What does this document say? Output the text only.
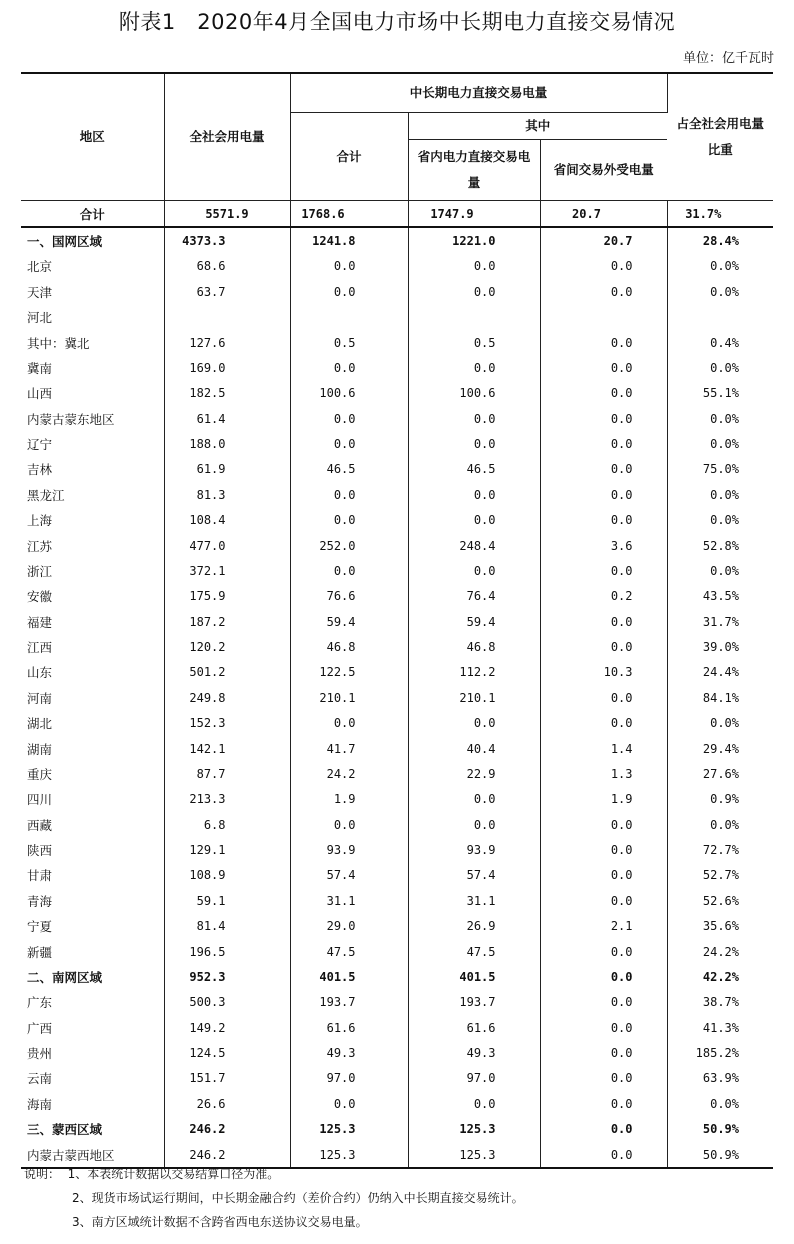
附表1　2020年4月全国电力市场中长期电力直接交易情况
单位：亿千瓦时
地区	全社会用电量	中长期电力直接交易电量			占全社会用电量比重
		合计	其中		
			省内电力直接交易电量	省间交易外受电量	
合计	5571.9	1768.6	1747.9	20.7	31.7%
一、国网区域	4373.3	1241.8	1221.0	20.7	28.4%
北京	68.6	0.0	0.0	0.0	0.0%
天津	63.7	0.0	0.0	0.0	0.0%
河北					
其中：冀北	127.6	0.5	0.5	0.0	0.4%
冀南	169.0	0.0	0.0	0.0	0.0%
山西	182.5	100.6	100.6	0.0	55.1%
内蒙古蒙东地区	61.4	0.0	0.0	0.0	0.0%
辽宁	188.0	0.0	0.0	0.0	0.0%
吉林	61.9	46.5	46.5	0.0	75.0%
黑龙江	81.3	0.0	0.0	0.0	0.0%
上海	108.4	0.0	0.0	0.0	0.0%
江苏	477.0	252.0	248.4	3.6	52.8%
浙江	372.1	0.0	0.0	0.0	0.0%
安徽	175.9	76.6	76.4	0.2	43.5%
福建	187.2	59.4	59.4	0.0	31.7%
江西	120.2	46.8	46.8	0.0	39.0%
山东	501.2	122.5	112.2	10.3	24.4%
河南	249.8	210.1	210.1	0.0	84.1%
湖北	152.3	0.0	0.0	0.0	0.0%
湖南	142.1	41.7	40.4	1.4	29.4%
重庆	87.7	24.2	22.9	1.3	27.6%
四川	213.3	1.9	0.0	1.9	0.9%
西藏	6.8	0.0	0.0	0.0	0.0%
陕西	129.1	93.9	93.9	0.0	72.7%
甘肃	108.9	57.4	57.4	0.0	52.7%
青海	59.1	31.1	31.1	0.0	52.6%
宁夏	81.4	29.0	26.9	2.1	35.6%
新疆	196.5	47.5	47.5	0.0	24.2%
二、南网区域	952.3	401.5	401.5	0.0	42.2%
广东	500.3	193.7	193.7	0.0	38.7%
广西	149.2	61.6	61.6	0.0	41.3%
贵州	124.5	49.3	49.3	0.0	185.2%
云南	151.7	97.0	97.0	0.0	63.9%
海南	26.6	0.0	0.0	0.0	0.0%
三、蒙西区域	246.2	125.3	125.3	0.0	50.9%
内蒙古蒙西地区	246.2	125.3	125.3	0.0	50.9%
说明： 1、本表统计数据以交易结算口径为准。
2、现货市场试运行期间，中长期金融合约（差价合约）仍纳入中长期直接交易统计。
3、南方区域统计数据不含跨省西电东送协议交易电量。
